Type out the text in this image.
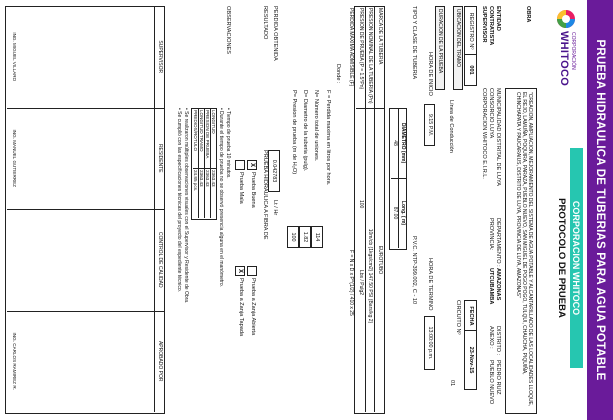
PRUEBA HIDRAULICA DE TUBERIAS PARA AGUA POTABLE
CORPORACIÓN
WHITOCO
OBRA
"CREACION, AMPLIACION, MEJORAMIENTO DEL SISTEMA DE AGUA POTABLE Y ALCANTARILLADO DE LAS LOCALIDADES LLOQUE, EL REJO, LAMUÑA, POQUIRA, PARAZA, PUEBLO NUEVO, SAN MIGUEL DE POGO POGO, TULQUI, CHAUCHA, PIQUIÑA, CHINCHAPATA Y PAUCARAIUS, DISTRITO DE LUYA, PROVINCIA DE LUYA, AMAZONAS"
ENTIDAD
MUNICIPALIDAD DISTRITAL DE LUYA
CONTRATISTA
CONSORCIO LUYA
SUPERVISOR
CORPORACION WHITOCO E.I.R.L.
DEPARTAMENTO :
AMAZONAS
PROVINCIA:
UTCUBAMBA
DISTRITO :
PEDRO RUIZ
ANEXO :
PUEBLO NUEVO
CORPORACION WHITOCO
PROTOCOLO DE PRUEBA
REGISTRO Nº
001
FECHA
23-Nov-15
UBICACION DEL TRAMO
CIRCUITO Nº
Línea de Conducción
01
DURACION DE LA PRUEBA
HORA DE INICIO
9:15 P.M.
HORA DE TERMINO
13:00:00 p.m.
TIPO Y CLASE DE TUBERIA
P.V.C. NTP-399.002, C - 10
DIAMETRO (mm)
Long. ( m)
48
87.00
MARCA DE LA TUBERIA
EUROTUBO
PRESION NOMINAL DE LA TUBERIA (Pn)
10m/cb (1kgs/cm2) 147.50 PSI (Bars/kg 2)
PRESION DE PRUEBA (P = 1.5*Pn)
100
Lbs / Pulg2
PERDIDA MAXIMA ADMISIBLE (F)
F = N x D x P^(1/2) / 410 x 25
Donde :
F = Perdida maxima en litros por hora.
N= Número total de uniones.
D= Diametro de la tuberia (pulg).
P= Presion de prueba (m de H₂O)
114
1.82
100
PERDIDA OBTENIDA
0.042783
Lt / Hr
RESULTADO
PRUEBA HIDRAULICA A FIBRA DE
X
Prueba Buena
Prueba Mala
Prueba a Zanja Abierta
X
Prueba a Zanja Tapada
OBSERVACIONES
• Tiempo de prueba 10 minutos.
• Durante el tiempo de prueba no se observó presencia alguna en el manómetro.
LONGITUD
2363.43
PRESION DE PRUEBA
2363.43
LONGITUD TRAMO
2363.43
PREDIOS/ROTULO
24.85 pcs.
• Se realizaron múltiples observaciones visuales con el Supervisor y Residente de Obra.
• Se cumplió con las especificaciones técnicas del proyecto del expediente técnico.
SUPERVISOR
RESIDENTE
CONTROL DE CALIDAD
APROBADO POR
ING. MIGUEL VILLARO
ING. MANUEL GUTIERREZ
ING. CARLOS RAMIREZ R.
